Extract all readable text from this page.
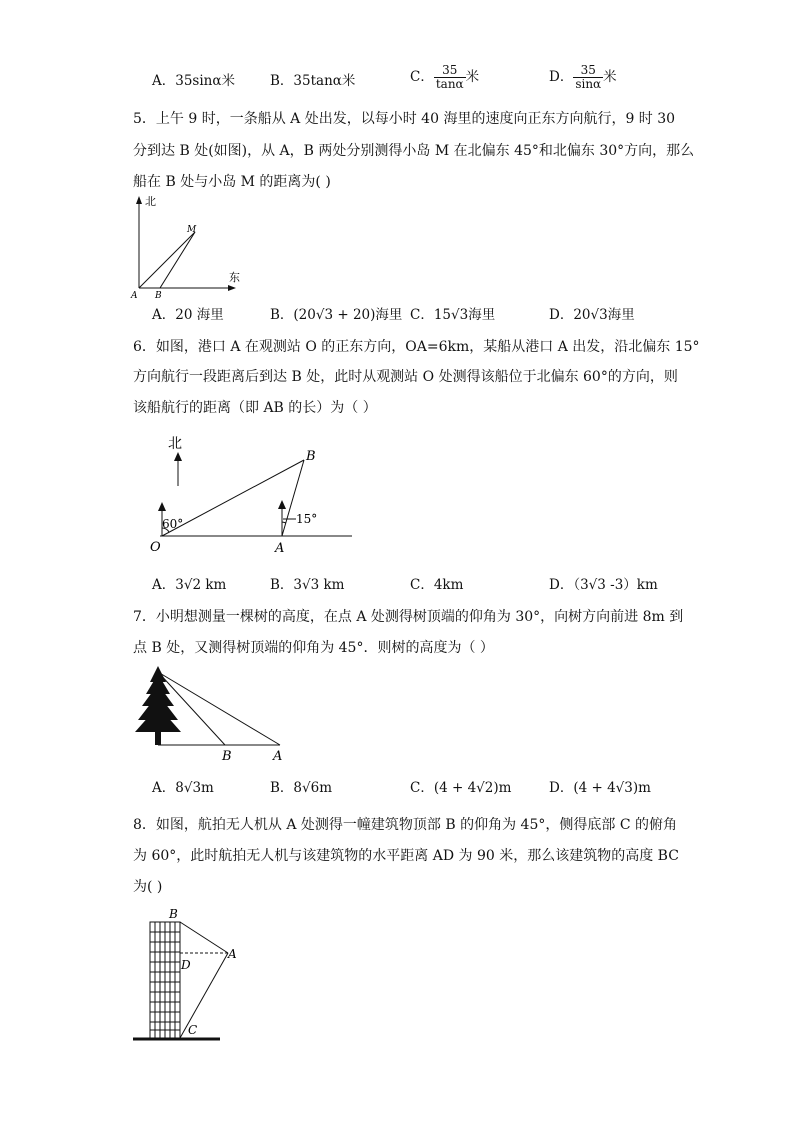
A．35sinα米	B．35tanα米	C． $\frac{35}{\tan\alpha}$ 米	D． $\frac{35}{\sin\alpha}$ 米
5．上午 9 时，一条船从 A 处出发，以每小时 40 海里的速度向正东方向航行，9 时 30
分到达 B 处(如图)，从 A，B 两处分别测得小岛 M 在北偏东 45°和北偏东 30°方向，那么
船在 B 处与小岛 M 的距离为( )
北
东
M
A B
A．20 海里	B．(20√3 + 20)海里 C．15√3海里	D．20√3海里
6．如图，港口 A 在观测站 O 的正东方向，OA=6km，某船从港口 A 出发，沿北偏东 15°
方向航行一段距离后到达 B 处，此时从观测站 O 处测得该船位于北偏东 60°的方向，则
该船航行的距离（即 AB 的长）为（ ）
北
60°	15°
B
O	A
A．3√2 km	B．3√3 km	C．4km	D．（3√3 -3）km
7．小明想测量一棵树的高度，在点 A 处测得树顶端的仰角为 30°，向树方向前进 8m 到
点 B 处，又测得树顶端的仰角为 45°．则树的高度为（ ）
B	A
A．8√3m	B．8√6m	C．(4 + 4√2)m	D．(4 + 4√3)m
8．如图，航拍无人机从 A 处测得一幢建筑物顶部 B 的仰角为 45°，侧得底部 C 的俯角
为 60°，此时航拍无人机与该建筑物的水平距离 AD 为 90 米，那么该建筑物的高度 BC
为( )
B
A
D
C
